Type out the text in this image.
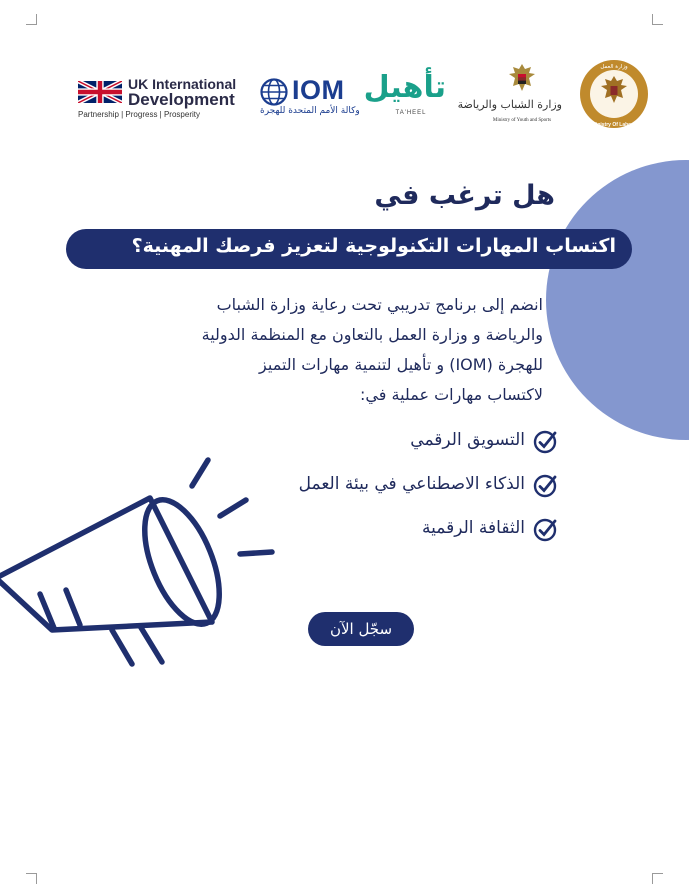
UK International
Development
Partnership | Progress | Prosperity
IOM
وكالة الأمم المتحدة للهجرة
تأهيل
TA'HEEL
وزارة الشباب والرياضة
Ministry of Youth and Sports
وزارة العمل
Ministry Of Labour
هل ترغب في
اكتساب المهارات التكنولوجية لتعزيز فرصك المهنية؟
انضم إلى برنامج تدريبي تحت رعاية وزارة الشباب
والرياضة و وزارة العمل بالتعاون مع المنظمة الدولية
للهجرة (IOM) و تأهيل لتنمية مهارات التميز
لاكتساب مهارات عملية في:
التسويق الرقمي
الذكاء الاصطناعي في بيئة العمل
الثقافة الرقمية
سجّل الآن
